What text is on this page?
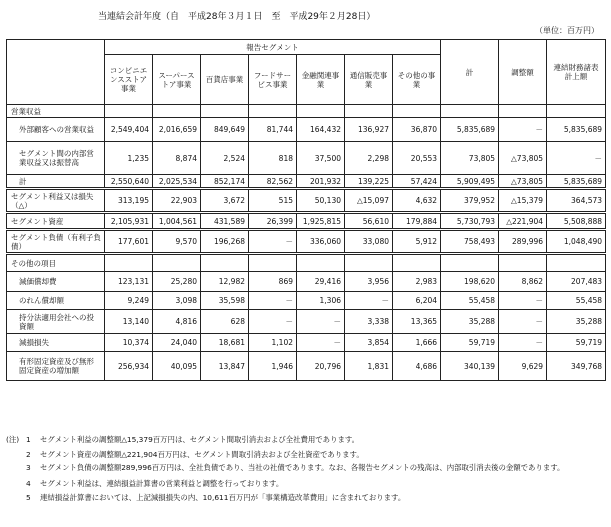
当連結会計年度（自　平成28年３月１日　至　平成29年２月28日）
（単位：百万円）
	報告セグメント							計	調整額	連結財務諸表計上額
	コンビニエンスストア事業	スーパーストア事業	百貨店事業	フードサービス事業	金融関連事業	通信販売事業	その他の事業			
営業収益										
外部顧客への営業収益	2,549,404	2,016,659	849,649	81,744	164,432	136,927	36,870	5,835,689	－	5,835,689
セグメント間の内部営業収益又は振替高	1,235	8,874	2,524	818	37,500	2,298	20,553	73,805	△73,805	－
計	2,550,640	2,025,534	852,174	82,562	201,932	139,225	57,424	5,909,495	△73,805	5,835,689
セグメント利益又は損失（△）	313,195	22,903	3,672	515	50,130	△15,097	4,632	379,952	△15,379	364,573
セグメント資産	2,105,931	1,004,561	431,589	26,399	1,925,815	56,610	179,884	5,730,793	△221,904	5,508,888
セグメント負債（有利子負債）	177,601	9,570	196,268	－	336,060	33,080	5,912	758,493	289,996	1,048,490
その他の項目										
減価償却費	123,131	25,280	12,982	869	29,416	3,956	2,983	198,620	8,862	207,483
のれん償却額	9,249	3,098	35,598	－	1,306	－	6,204	55,458	－	55,458
持分法適用会社への投資額	13,140	4,816	628	－	－	3,338	13,365	35,288	－	35,288
減損損失	10,374	24,040	18,681	1,102	－	3,854	1,666	59,719	－	59,719
有形固定資産及び無形固定資産の増加額	256,934	40,095	13,847	1,946	20,796	1,831	4,686	340,139	9,629	349,768
(注) 1	セグメント利益の調整額△15,379百万円は、セグメント間取引消去および全社費用であります。
2	セグメント資産の調整額△221,904百万円は、セグメント間取引消去および全社資産であります。
3	セグメント負債の調整額289,996百万円は、全社負債であり、当社の社債であります。なお、各報告セグメントの残高は、内部取引消去後の金額であります。
4	セグメント利益は、連結損益計算書の営業利益と調整を行っております。
5	連結損益計算書においては、上記減損損失の内、10,611百万円が「事業構造改革費用」に含まれております。
